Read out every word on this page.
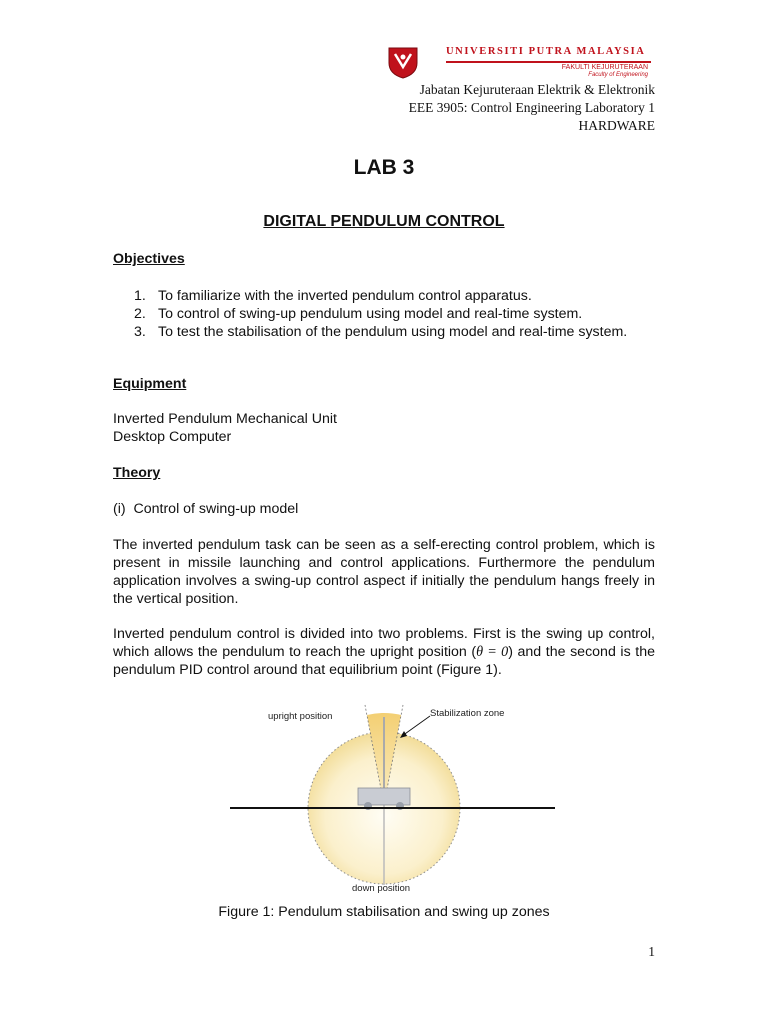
UNIVERSITI PUTRA MALAYSIA
FAKULTI KEJURUTERAAN
Faculty of Engineering
Jabatan Kejuruteraan Elektrik & Elektronik
EEE 3905: Control Engineering Laboratory 1
HARDWARE
LAB 3
DIGITAL PENDULUM CONTROL
Objectives
1. To familiarize with the inverted pendulum control apparatus.
2. To control of swing-up pendulum using model and real-time system.
3. To test the stabilisation of the pendulum using model and real-time system.
Equipment
Inverted Pendulum Mechanical Unit
Desktop Computer
Theory
(i)  Control of swing-up model
The inverted pendulum task can be seen as a self-erecting control problem, which is present in missile launching and control applications. Furthermore the pendulum application involves a swing-up control aspect if initially the pendulum hangs freely in the vertical position.
Inverted pendulum control is divided into two problems. First is the swing up control, which allows the pendulum to reach the upright position (θ = 0) and the second is the pendulum PID control around that equilibrium point (Figure 1).
upright position	Stabilization zone
down position
Figure 1: Pendulum stabilisation and swing up zones
1
